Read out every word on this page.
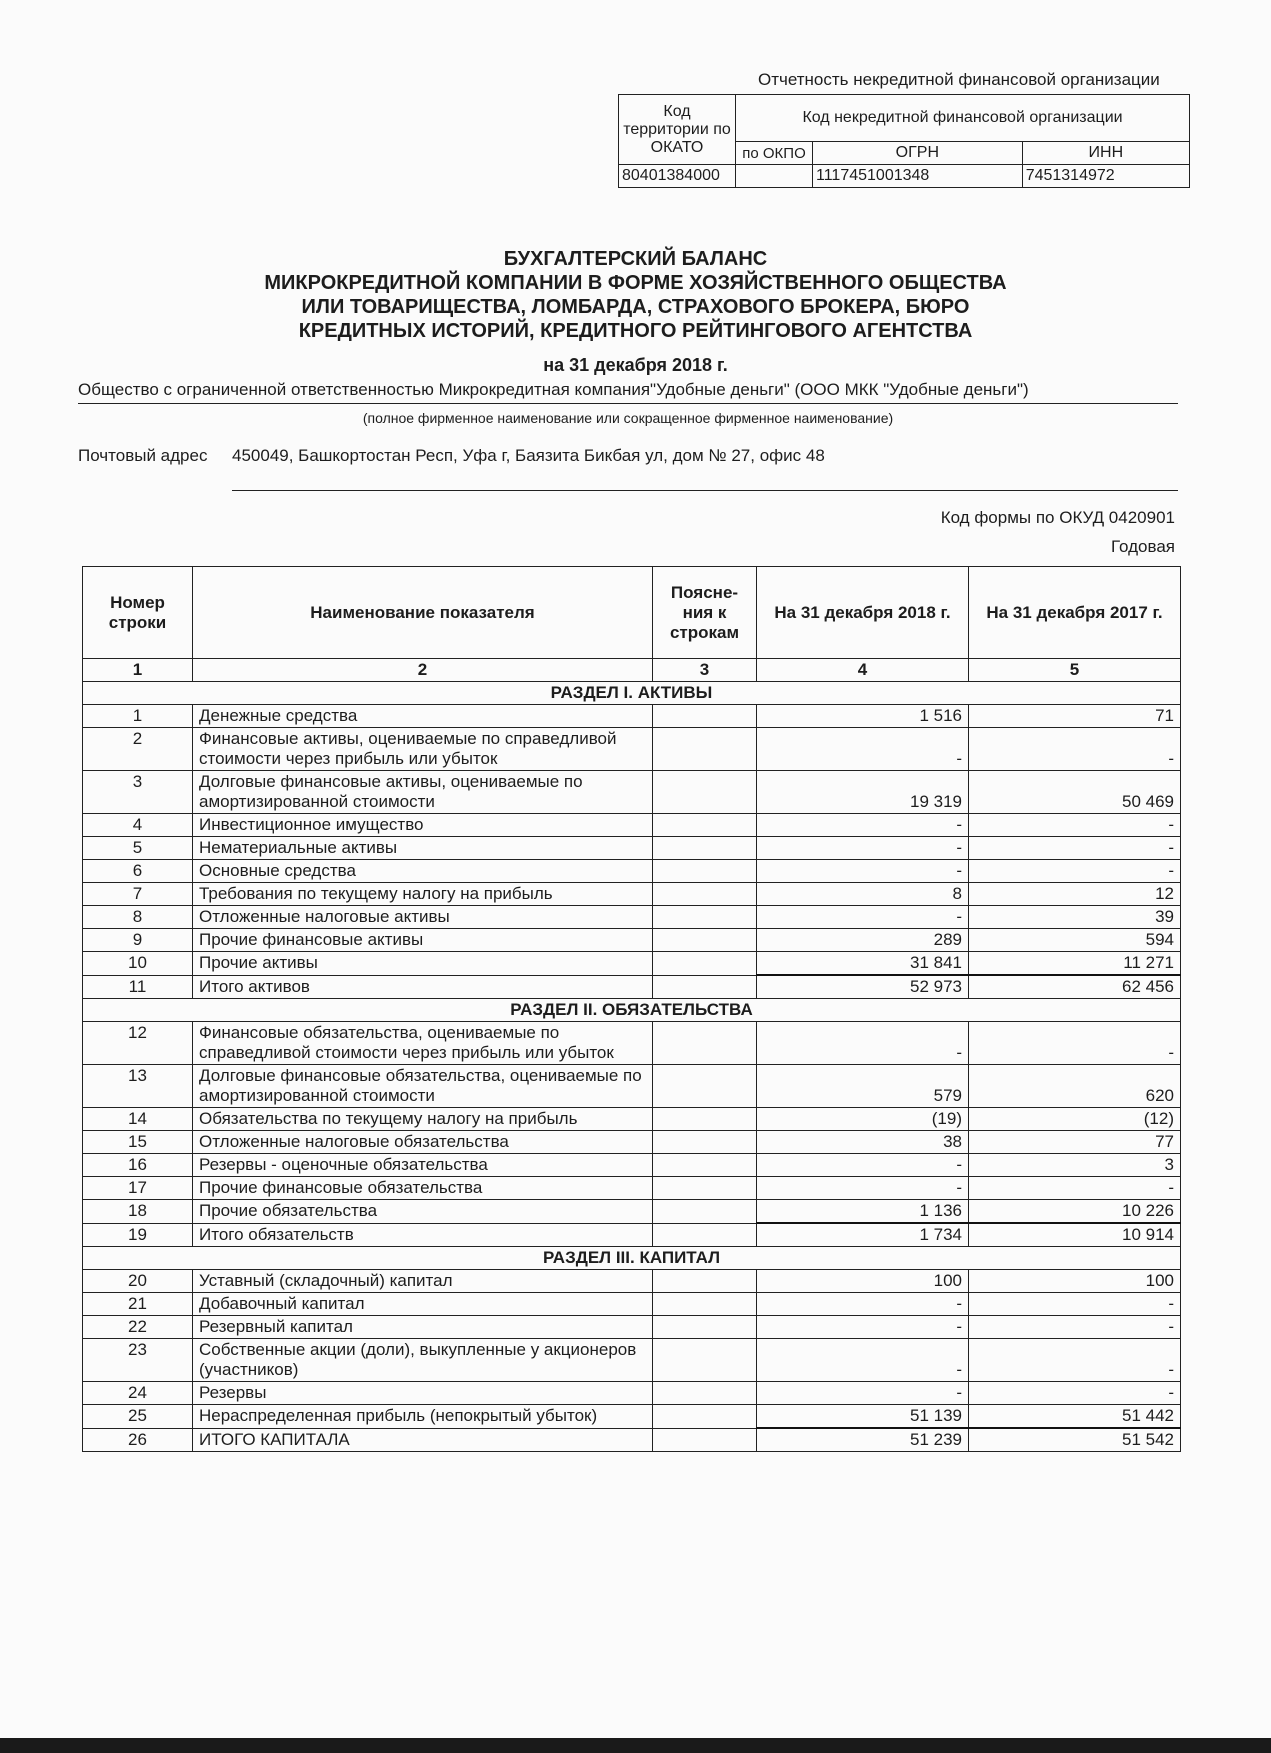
Отчетность некредитной финансовой организации
Код территории по ОКАТО	Код некредитной финансовой организации		
	по ОКПО	ОГРН	ИНН
80401384000		1117451001348	7451314972
БУХГАЛТЕРСКИЙ БАЛАНС
МИКРОКРЕДИТНОЙ КОМПАНИИ В ФОРМЕ ХОЗЯЙСТВЕННОГО ОБЩЕСТВА
ИЛИ ТОВАРИЩЕСТВА, ЛОМБАРДА, СТРАХОВОГО БРОКЕРА, БЮРО
КРЕДИТНЫХ ИСТОРИЙ, КРЕДИТНОГО РЕЙТИНГОВОГО АГЕНТСТВА
на 31 декабря 2018 г.
Общество с ограниченной ответственностью Микрокредитная компания"Удобные деньги" (ООО МКК "Удобные деньги")
(полное фирменное наименование или сокращенное фирменное наименование)
Почтовый адрес 450049, Башкортостан Респ, Уфа г, Баязита Бикбая ул, дом № 27, офис 48
Код формы по ОКУД 0420901
Годовая
Номер строки	Наименование показателя	Поясне-ния к строкам	На 31 декабря 2018 г.	На 31 декабря 2017 г.
1	2	3	4	5
РАЗДЕЛ I. АКТИВЫ				
1	Денежные средства		1 516	71
2	Финансовые активы, оцениваемые по справедливой стоимости через прибыль или убыток		-	-
3	Долговые финансовые активы, оцениваемые по амортизированной стоимости		19 319	50 469
4	Инвестиционное имущество		-	-
5	Нематериальные активы		-	-
6	Основные средства		-	-
7	Требования по текущему налогу на прибыль		8	12
8	Отложенные налоговые активы		-	39
9	Прочие финансовые активы		289	594
10	Прочие активы		31 841	11 271
11	Итого активов		52 973	62 456
РАЗДЕЛ II. ОБЯЗАТЕЛЬСТВА				
12	Финансовые обязательства, оцениваемые по справедливой стоимости через прибыль или убыток		-	-
13	Долговые финансовые обязательства, оцениваемые по амортизированной стоимости		579	620
14	Обязательства по текущему налогу на прибыль		(19)	(12)
15	Отложенные налоговые обязательства		38	77
16	Резервы - оценочные обязательства		-	3
17	Прочие финансовые обязательства		-	-
18	Прочие обязательства		1 136	10 226
19	Итого обязательств		1 734	10 914
РАЗДЕЛ III. КАПИТАЛ				
20	Уставный (складочный) капитал		100	100
21	Добавочный капитал		-	-
22	Резервный капитал		-	-
23	Собственные акции (доли), выкупленные у акционеров (участников)		-	-
24	Резервы		-	-
25	Нераспределенная прибыль (непокрытый убыток)		51 139	51 442
26	ИТОГО КАПИТАЛА		51 239	51 542
